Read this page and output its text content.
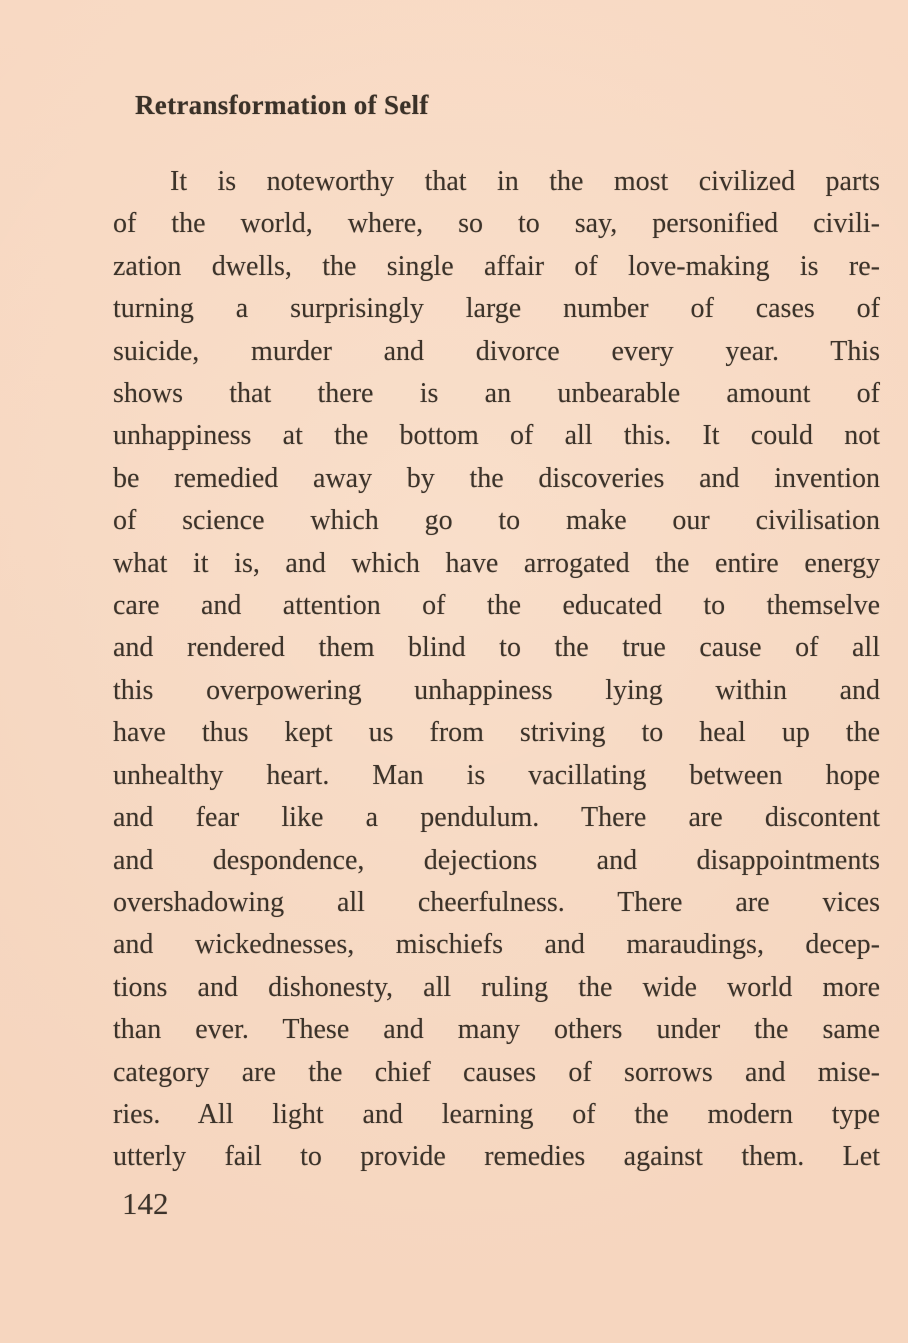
Retransformation of Self
It is noteworthy that in the most civilized parts
of the world, where, so to say, personified civili-
zation dwells, the single affair of love-making is re-
turning a surprisingly large number of cases of
suicide, murder and divorce every year. This
shows that there is an unbearable amount of
unhappiness at the bottom of all this. It could not
be remedied away by the discoveries and invention
of science which go to make our civilisation
what it is, and which have arrogated the entire energy
care and attention of the educated to themselve
and rendered them blind to the true cause of all
this overpowering unhappiness lying within and
have thus kept us from striving to heal up the
unhealthy heart. Man is vacillating between hope
and fear like a pendulum. There are discontent
and despondence, dejections and disappointments
overshadowing all cheerfulness. There are vices
and wickednesses, mischiefs and maraudings, decep-
tions and dishonesty, all ruling the wide world more
than ever. These and many others under the same
category are the chief causes of sorrows and mise-
ries. All light and learning of the modern type
utterly fail to provide remedies against them. Let
142
